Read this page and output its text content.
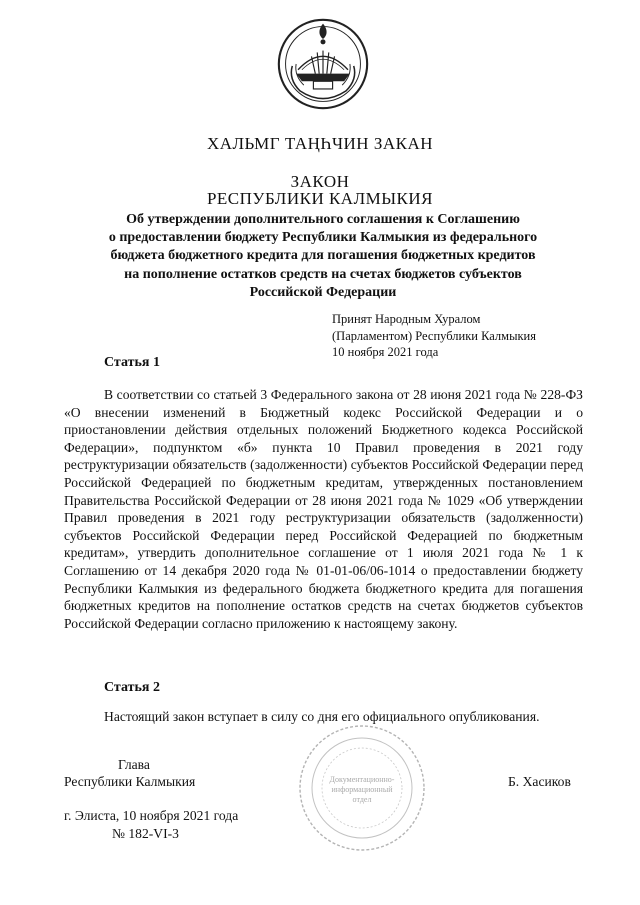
ХАЛЬМГ ТАҢҺЧИН ЗАКАН
ЗАКОН
РЕСПУБЛИКИ КАЛМЫКИЯ
Об утверждении дополнительного соглашения к Соглашению
о предоставлении бюджету Республики Калмыкия из федерального
бюджета бюджетного кредита для погашения бюджетных кредитов
на пополнение остатков средств на счетах бюджетов субъектов
Российской Федерации
Принят Народным Хуралом
(Парламентом) Республики Калмыкия
10 ноября 2021 года
Статья 1
В соответствии со статьей 3 Федерального закона от 28 июня 2021 года № 228-ФЗ «О внесении изменений в Бюджетный кодекс Российской Федерации и о приостановлении действия отдельных положений Бюджетного кодекса Российской Федерации», подпунктом «б» пункта 10 Правил проведения в 2021 году реструктуризации обязательств (задолженности) субъектов Российской Федерации перед Российской Федерацией по бюджетным кредитам, утвержденных постановлением Правительства Российской Федерации от 28 июня 2021 года № 1029 «Об утверждении Правил проведения в 2021 году реструктуризации обязательств (задолженности) субъектов Российской Федерации перед Российской Федерацией по бюджетным кредитам», утвердить дополнительное соглашение от 1 июля 2021 года № 1 к Соглашению от 14 декабря 2020 года № 01-01-06/06-1014 о предоставлении бюджету Республики Калмыкия из федерального бюджета бюджетного кредита для погашения бюджетных кредитов на пополнение остатков средств на счетах бюджетов субъектов Российской Федерации согласно приложению к настоящему закону.
Статья 2
Настоящий закон вступает в силу со дня его официального опубликования.
Документационно-
информационный
отдел
Глава
Республики Калмыкия	Б. Хасиков
г. Элиста, 10 ноября 2021 года
№ 182-VI-3
